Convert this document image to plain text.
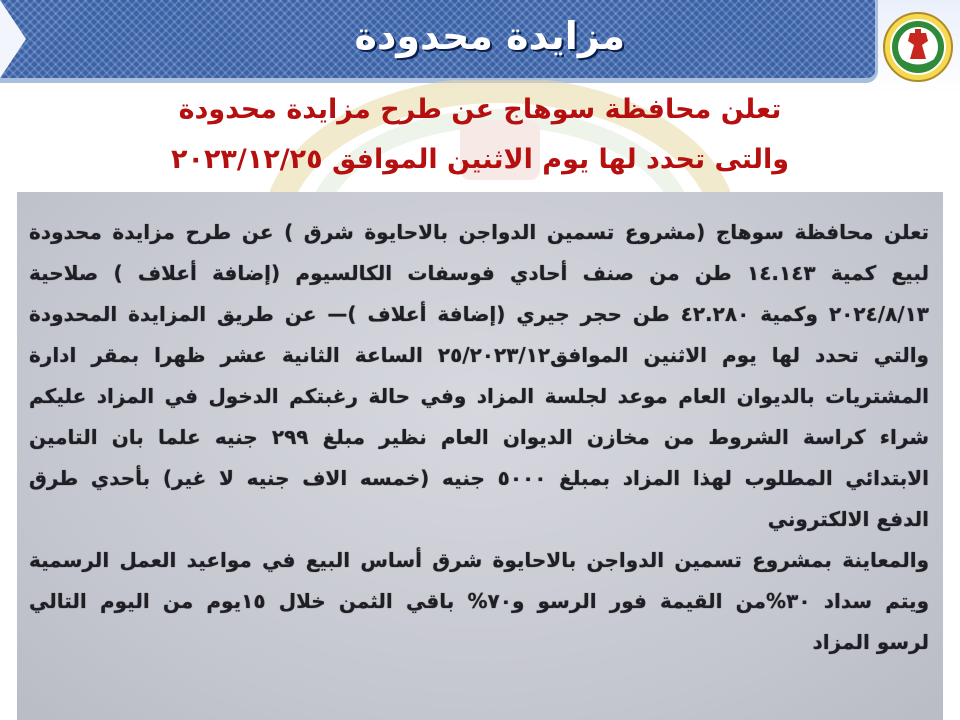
مزايدة محدودة
تعلن محافظة سوهاج عن طرح مزايدة محدودة
والتى تحدد لها يوم الاثنين الموافق ٢٠٢٣/١٢/٢٥
تعلن محافظة سوهاج (مشروع تسمين الدواجن بالاحايوة شرق ) عن طرح مزايدة محدودة
لبيع كمية ١٤.١٤٣ طن من صنف أحادي فوسفات الكالسيوم (إضافة أعلاف ) صلاحية
٢٠٢٤/٨/١٣ وكمية ٤٢.٢٨٠ طن حجر جيري (إضافة أعلاف )— عن طريق المزايدة المحدودة
والتي تحدد لها يوم الاثنين الموافق٢٥/٢٠٢٣/١٢ الساعة الثانية عشر ظهرا بمقر ادارة
المشتريات بالديوان العام موعد لجلسة المزاد وفي حالة رغبتكم الدخول في المزاد عليكم
شراء كراسة الشروط من مخازن الديوان العام نظير مبلغ ٢٩٩ جنيه علما بان التامين
الابتدائي المطلوب لهذا المزاد بمبلغ ٥٠٠٠ جنيه (خمسه الاف جنيه لا غير) بأحدي طرق
الدفع الالكتروني
والمعاينة بمشروع تسمين الدواجن بالاحايوة شرق أساس البيع في مواعيد العمل الرسمية
ويتم سداد ٣٠%من القيمة فور الرسو و٧٠% باقي الثمن خلال ١٥يوم من اليوم التالي
لرسو المزاد
